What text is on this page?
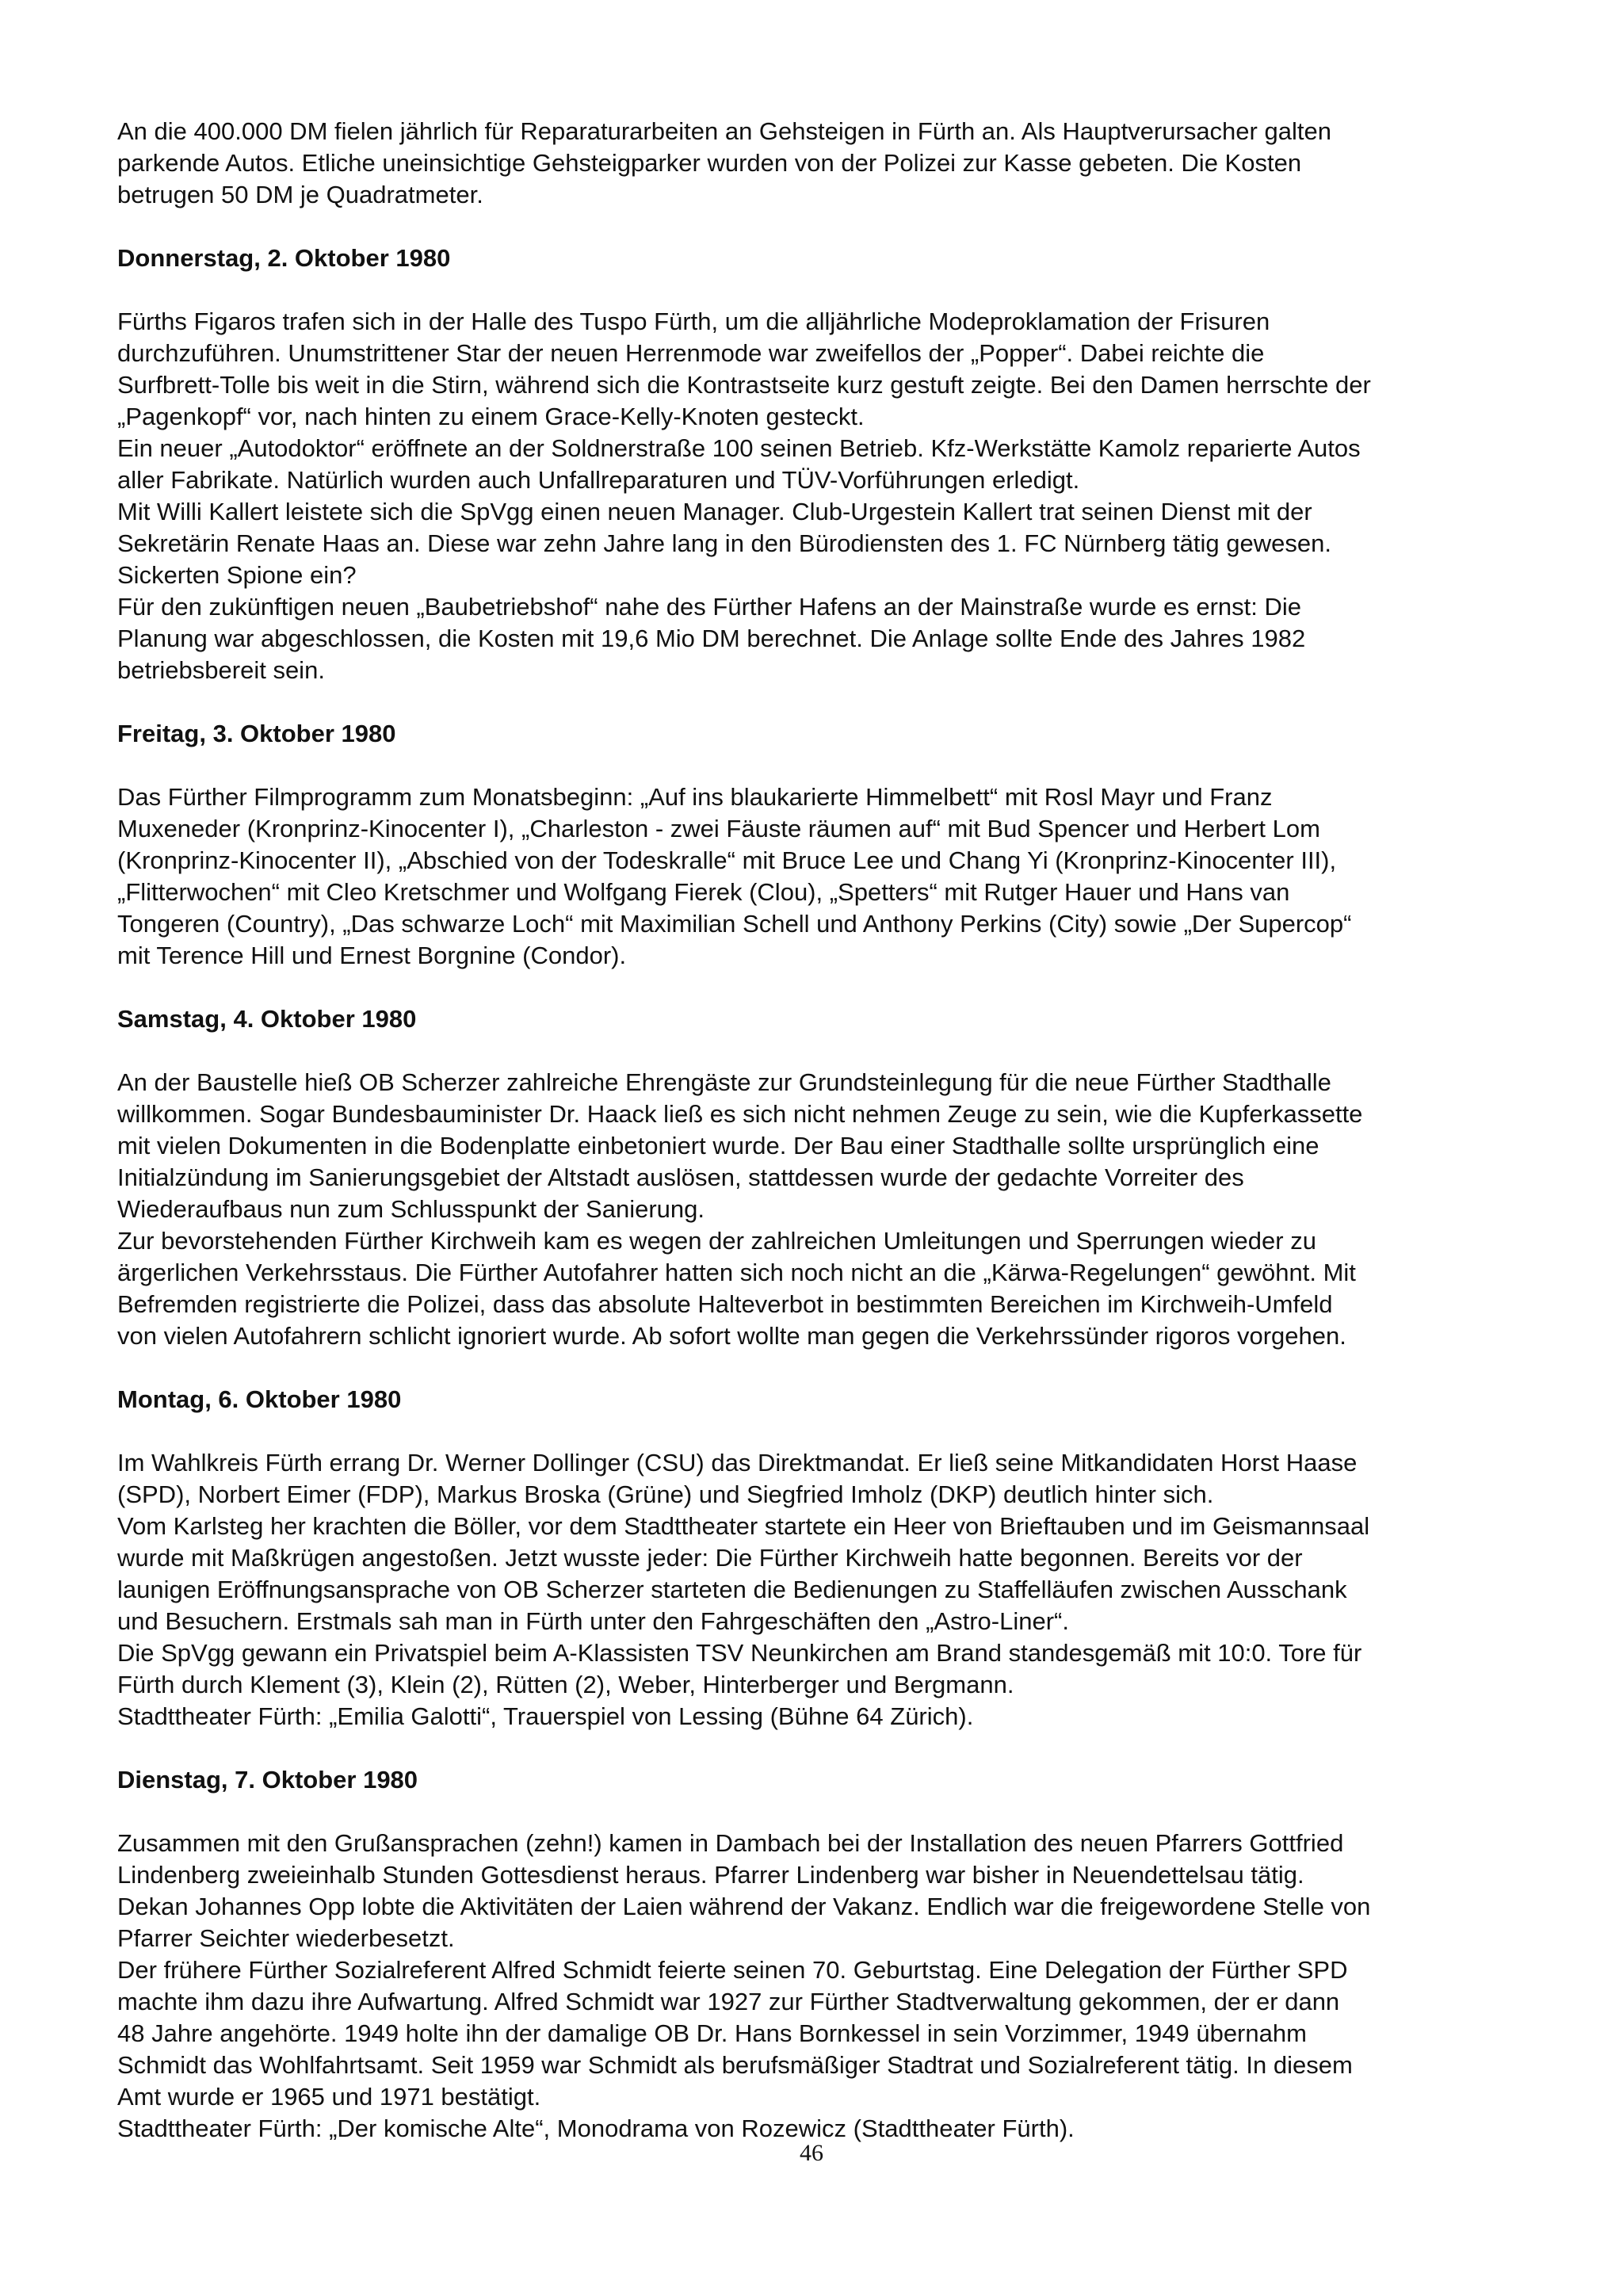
An die 400.000 DM fielen jährlich für Reparaturarbeiten an Gehsteigen in Fürth an. Als Hauptverursacher galten
parkende Autos. Etliche uneinsichtige Gehsteigparker wurden von der Polizei zur Kasse gebeten. Die Kosten
betrugen 50 DM je Quadratmeter.

Donnerstag, 2. Oktober 1980

Fürths Figaros trafen sich in der Halle des Tuspo Fürth, um die alljährliche Modeproklamation der Frisuren
durchzuführen. Unumstrittener Star der neuen Herrenmode war zweifellos der „Popper“. Dabei reichte die
Surfbrett-Tolle bis weit in die Stirn, während sich die Kontrastseite kurz gestuft zeigte. Bei den Damen herrschte der
„Pagenkopf“ vor, nach hinten zu einem Grace-Kelly-Knoten gesteckt.
Ein neuer „Autodoktor“ eröffnete an der Soldnerstraße 100 seinen Betrieb. Kfz-Werkstätte Kamolz reparierte Autos
aller Fabrikate. Natürlich wurden auch Unfallreparaturen und TÜV-Vorführungen erledigt.
Mit Willi Kallert leistete sich die SpVgg einen neuen Manager. Club-Urgestein Kallert trat seinen Dienst mit der
Sekretärin Renate Haas an. Diese war zehn Jahre lang in den Bürodiensten des 1. FC Nürnberg tätig gewesen.
Sickerten Spione ein?
Für den zukünftigen neuen „Baubetriebshof“ nahe des Fürther Hafens an der Mainstraße wurde es ernst: Die
Planung war abgeschlossen, die Kosten mit 19,6 Mio DM berechnet. Die Anlage sollte Ende des Jahres 1982
betriebsbereit sein.

Freitag, 3. Oktober 1980

Das Fürther Filmprogramm zum Monatsbeginn: „Auf ins blaukarierte Himmelbett“ mit Rosl Mayr und Franz
Muxeneder (Kronprinz-Kinocenter I), „Charleston - zwei Fäuste räumen auf“ mit Bud Spencer und Herbert Lom
(Kronprinz-Kinocenter II), „Abschied von der Todeskralle“ mit Bruce Lee und Chang Yi (Kronprinz-Kinocenter III),
„Flitterwochen“ mit Cleo Kretschmer und Wolfgang Fierek (Clou), „Spetters“ mit Rutger Hauer und Hans van
Tongeren (Country), „Das schwarze Loch“ mit Maximilian Schell und Anthony Perkins (City) sowie „Der Supercop“
mit Terence Hill und Ernest Borgnine (Condor).

Samstag, 4. Oktober 1980

An der Baustelle hieß OB Scherzer zahlreiche Ehrengäste zur Grundsteinlegung für die neue Fürther Stadthalle
willkommen. Sogar Bundesbauminister Dr. Haack ließ es sich nicht nehmen Zeuge zu sein, wie die Kupferkassette
mit vielen Dokumenten in die Bodenplatte einbetoniert wurde. Der Bau einer Stadthalle sollte ursprünglich eine
Initialzündung im Sanierungsgebiet der Altstadt auslösen, stattdessen wurde der gedachte Vorreiter des
Wiederaufbaus nun zum Schlusspunkt der Sanierung.
Zur bevorstehenden Fürther Kirchweih kam es wegen der zahlreichen Umleitungen und Sperrungen wieder zu
ärgerlichen Verkehrsstaus. Die Fürther Autofahrer hatten sich noch nicht an die „Kärwa-Regelungen“ gewöhnt. Mit
Befremden registrierte die Polizei, dass das absolute Halteverbot in bestimmten Bereichen im Kirchweih-Umfeld
von vielen Autofahrern schlicht ignoriert wurde. Ab sofort wollte man gegen die Verkehrssünder rigoros vorgehen.

Montag, 6. Oktober 1980

Im Wahlkreis Fürth errang Dr. Werner Dollinger (CSU) das Direktmandat. Er ließ seine Mitkandidaten Horst Haase
(SPD), Norbert Eimer (FDP), Markus Broska (Grüne) und Siegfried Imholz (DKP) deutlich hinter sich.
Vom Karlsteg her krachten die Böller, vor dem Stadttheater startete ein Heer von Brieftauben und im Geismannsaal
wurde mit Maßkrügen angestoßen. Jetzt wusste jeder: Die Fürther Kirchweih hatte begonnen. Bereits vor der
launigen Eröffnungsansprache von OB Scherzer starteten die Bedienungen zu Staffelläufen zwischen Ausschank
und Besuchern. Erstmals sah man in Fürth unter den Fahrgeschäften den „Astro-Liner“.
Die SpVgg gewann ein Privatspiel beim A-Klassisten TSV Neunkirchen am Brand standesgemäß mit 10:0. Tore für
Fürth durch Klement (3), Klein (2), Rütten (2), Weber, Hinterberger und Bergmann.
Stadttheater Fürth: „Emilia Galotti“, Trauerspiel von Lessing (Bühne 64 Zürich).

Dienstag, 7. Oktober 1980

Zusammen mit den Grußansprachen (zehn!) kamen in Dambach bei der Installation des neuen Pfarrers Gottfried
Lindenberg zweieinhalb Stunden Gottesdienst heraus. Pfarrer Lindenberg war bisher in Neuendettelsau tätig.
Dekan Johannes Opp lobte die Aktivitäten der Laien während der Vakanz. Endlich war die freigewordene Stelle von
Pfarrer Seichter wiederbesetzt.
Der frühere Fürther Sozialreferent Alfred Schmidt feierte seinen 70. Geburtstag. Eine Delegation der Fürther SPD
machte ihm dazu ihre Aufwartung. Alfred Schmidt war 1927 zur Fürther Stadtverwaltung gekommen, der er dann
48 Jahre angehörte. 1949 holte ihn der damalige OB Dr. Hans Bornkessel in sein Vorzimmer, 1949 übernahm
Schmidt das Wohlfahrtsamt. Seit 1959 war Schmidt als berufsmäßiger Stadtrat und Sozialreferent tätig. In diesem
Amt wurde er 1965 und 1971 bestätigt.
Stadttheater Fürth: „Der komische Alte“, Monodrama von Rozewicz (Stadttheater Fürth).

46
